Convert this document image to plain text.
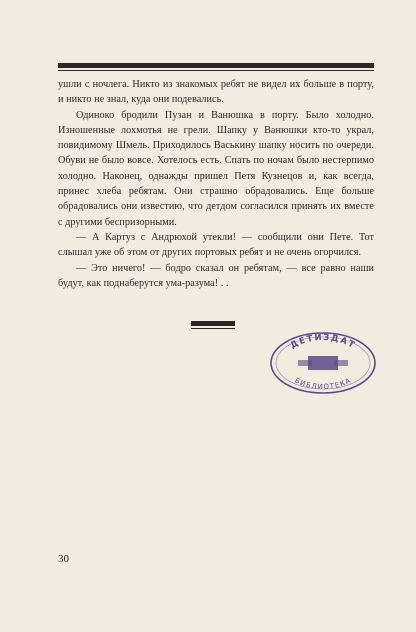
ушли с ночлега. Никто из знакомых ребят не видел их больше в порту, и никто не знал, куда они подевались.

Одиноко бродили Пузан и Ванюшка в порту. Было холодно. Изношенные лохмотья не грели. Шапку у Ванюшки кто-то украл, повидимому Шмель. Приходилось Васькину шапку носить по очереди. Обуви не было вовсе. Хотелось есть. Спать по ночам было нестерпимо холодно. Наконец, однажды пришел Петя Кузнецов и, как всегда, принес хлеба ребятам. Они страшно обрадовались. Еще больше обрадовались они известию, что детдом согласился принять их вместе с другими беспризорными.

— А Картуз с Андрюхой утекли! — сообщили они Пете. Тот слышал уже об этом от других портовых ребят и не очень огорчился.

— Это ничего! — бодро сказал он ребятам, — все равно наши будут, как поднаберутся ума-разума! . .

ДЕТИЗДАТ
БИБЛИОТЕКА
30
